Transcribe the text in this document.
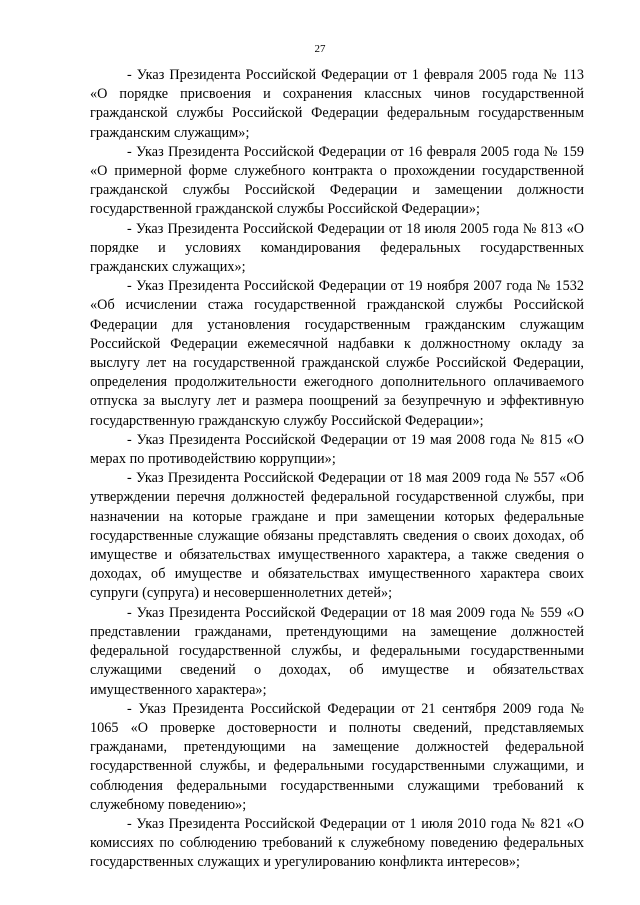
27

- Указ Президента Российской Федерации от 1 февраля 2005 года № 113 «О порядке присвоения и сохранения классных чинов государственной гражданской службы Российской Федерации федеральным государственным гражданским служащим»;

- Указ Президента Российской Федерации от 16 февраля 2005 года № 159 «О примерной форме служебного контракта о прохождении государственной гражданской службы Российской Федерации и замещении должности государственной гражданской службы Российской Федерации»;

- Указ Президента Российской Федерации от 18 июля 2005 года № 813 «О порядке и условиях командирования федеральных государственных гражданских служащих»;

- Указ Президента Российской Федерации от 19 ноября 2007 года № 1532 «Об исчислении стажа государственной гражданской службы Российской Федерации для установления государственным гражданским служащим Российской Федерации ежемесячной надбавки к должностному окладу за выслугу лет на государственной гражданской службе Российской Федерации, определения продолжительности ежегодного дополнительного оплачиваемого отпуска за выслугу лет и размера поощрений за безупречную и эффективную государственную гражданскую службу Российской Федерации»;

- Указ Президента Российской Федерации от 19 мая 2008 года № 815 «О мерах по противодействию коррупции»;

- Указ Президента Российской Федерации от 18 мая 2009 года № 557 «Об утверждении перечня должностей федеральной государственной службы, при назначении на которые граждане и при замещении которых федеральные государственные служащие обязаны представлять сведения о своих доходах, об имуществе и обязательствах имущественного характера, а также сведения о доходах, об имуществе и обязательствах имущественного характера своих супруги (супруга) и несовершеннолетних детей»;

- Указ Президента Российской Федерации от 18 мая 2009 года № 559 «О представлении гражданами, претендующими на замещение должностей федеральной государственной службы, и федеральными государственными служащими сведений о доходах, об имуществе и обязательствах имущественного характера»;

- Указ Президента Российской Федерации от 21 сентября 2009 года № 1065 «О проверке достоверности и полноты сведений, представляемых гражданами, претендующими на замещение должностей федеральной государственной службы, и федеральными государственными служащими, и соблюдения федеральными государственными служащими требований к служебному поведению»;

- Указ Президента Российской Федерации от 1 июля 2010 года № 821 «О комиссиях по соблюдению требований к служебному поведению федеральных государственных служащих и урегулированию конфликта интересов»;
